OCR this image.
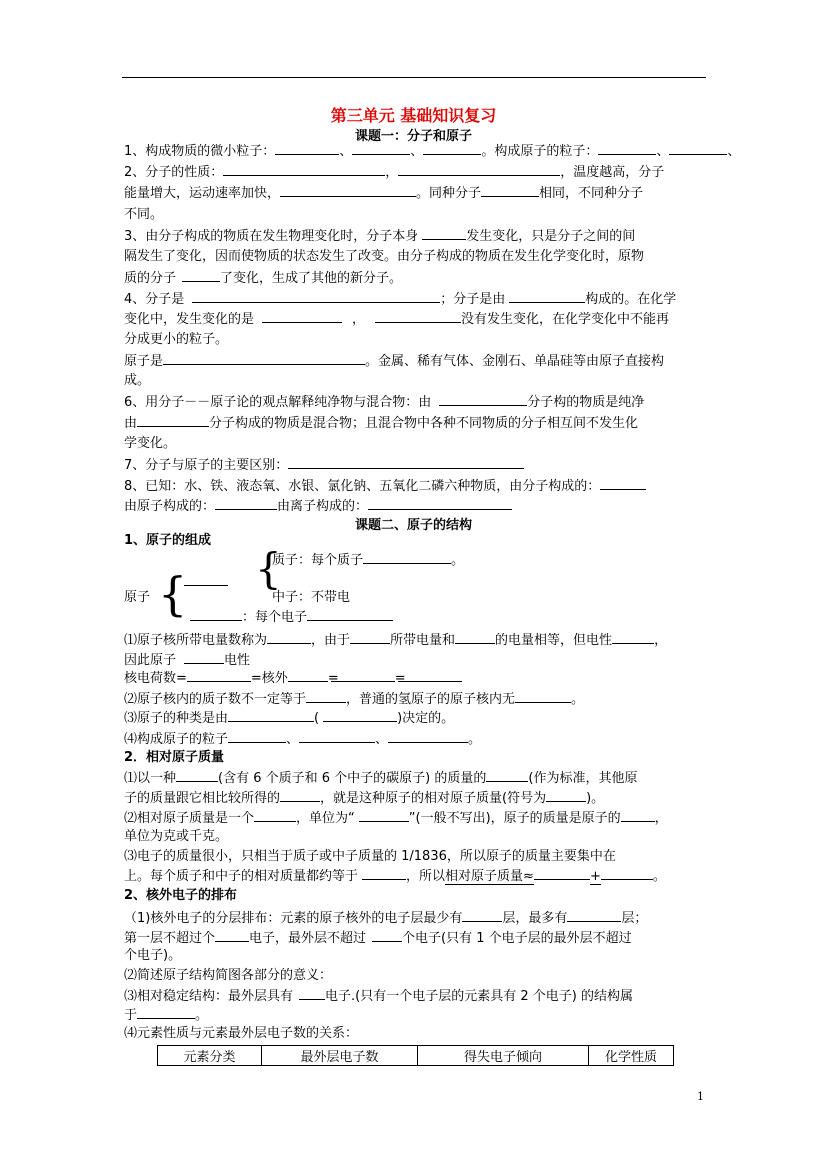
第三单元 基础知识复习
课题一：分子和原子
1、构成物质的微小粒子：	、	、	。构成原子的粒子：	、	、
2、分子的性质：	，	，温度越高，分子
能量增大，运动速率加快，	。同种分子	相同，不同种分子
不同。
3、由分子构成的物质在发生物理变化时，分子本身	发生变化，只是分子之间的间
隔发生了变化，因而使物质的状态发生了改变。由分子构成的物质在发生化学变化时，原物
质的分子	了变化，生成了其他的新分子。
4、分子是	；分子是由	构成的。在化学
变化中，发生变化的是	，	没有发生变化，在化学变化中不能再
分成更小的粒子。
原子是	。金属、稀有气体、金刚石、单晶硅等由原子直接构
成。
6、用分子－－原子论的观点解释纯净物与混合物：由	分子构的物质是纯净
由	分子构成的物质是混合物；且混合物中各种不同物质的分子相互间不发生化
学变化。
7、分子与原子的主要区别：
8、已知：水、铁、液态氧、水银、氯化钠、五氧化二磷六种物质，由分子构成的：
由原子构成的：	由离子构成的：
课题二、原子的结构
1、原子的组成
质子：每个质子	。
{
原子 {	中子：不带电
：每个电子
⑴原子核所带电量数称为	，由于	所带电量和	的电量相等，但电性	，
因此原子	电性
核电荷数=	=核外	=	=
⑵原子核内的质子数不一定等于	，普通的氢原子的原子核内无	。
⑶原子的种类是由	(	)决定的。
⑷构成原子的粒子	、	、	。
2．相对原子质量
⑴以一种	(含有 6 个质子和 6 个中子的碳原子) 的质量的	(作为标准，其他原
子的质量跟它相比较所得的	，就是这种原子的相对原子质量(符号为	)。
⑵相对原子质量是一个	，单位为“	”(一般不写出)，原子的质量是原子的	，
单位为克或千克。
⑶电子的质量很小，只相当于质子或中子质量的 1/1836，所以原子的质量主要集中在
上。每个质子和中子的相对质量都约等于	，所以相对原子质量≈	+	。
2、核外电子的排布
（1)核外电子的分层排布：元素的原子核外的电子层最少有	层，最多有	层；
第一层不超过个	电子，最外层不超过	个电子(只有 1 个电子层的最外层不超过
个电子)。
⑵简述原子结构简图各部分的意义：
⑶相对稳定结构：最外层具有 电子.(只有一个电子层的元素具有 2 个电子) 的结构属
于	。
⑷元素性质与元素最外层电子数的关系：
元素分类	最外层电子数	得失电子倾向	化学性质
1
